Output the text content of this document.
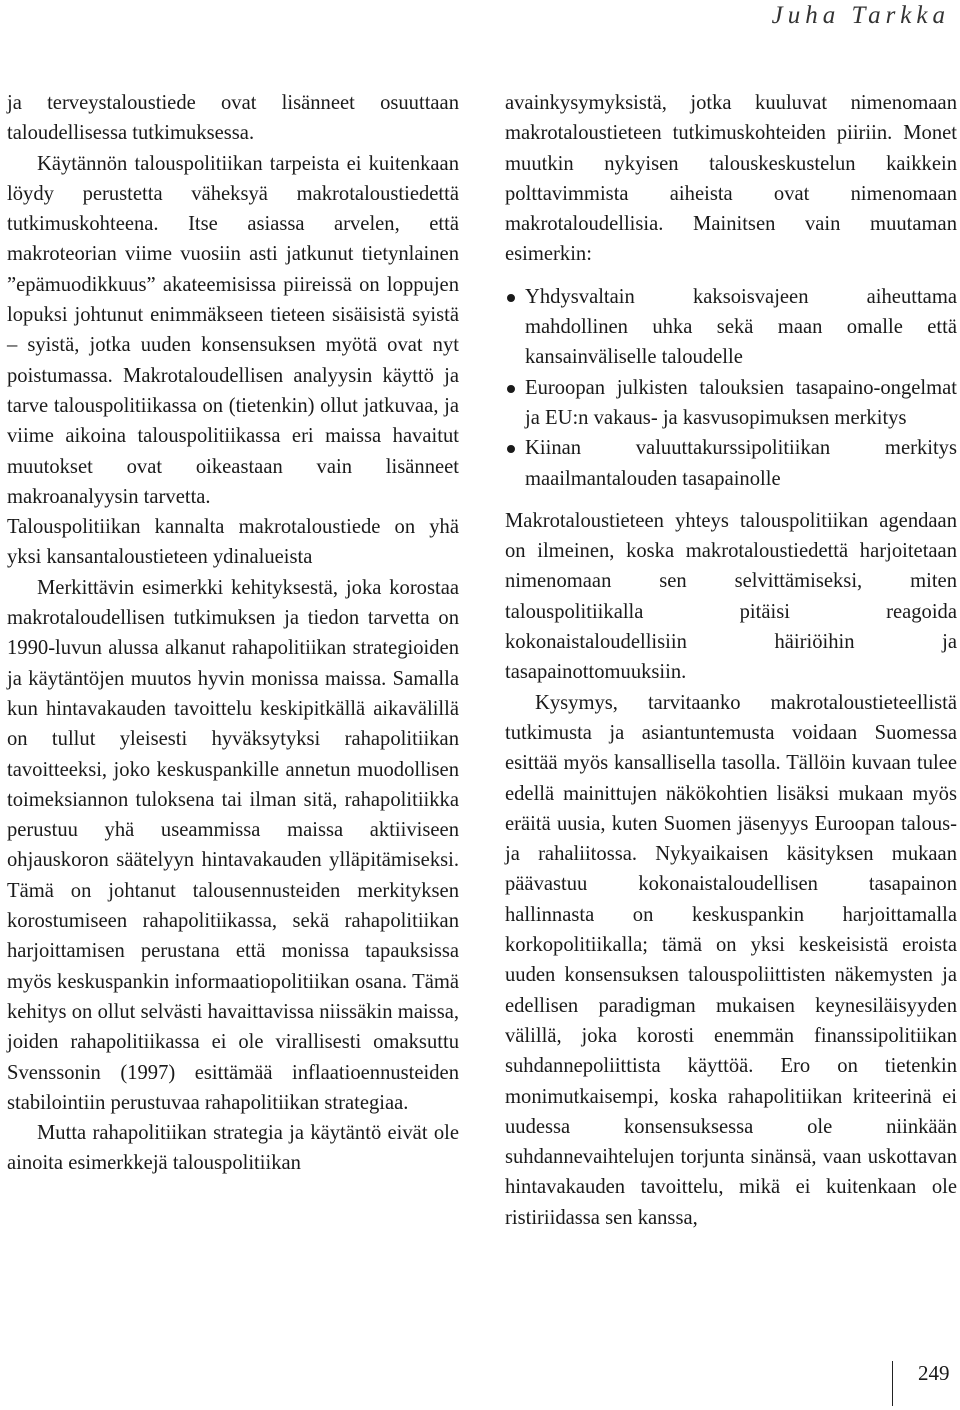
Juha Tarkka

ja terveystaloustiede ovat lisänneet osuuttaan taloudellisessa tutkimuksessa.

Käytännön talouspolitiikan tarpeista ei kuitenkaan löydy perustetta väheksyä makrotaloustiedettä tutkimuskohteena. Itse asiassa arvelen, että makroteorian viime vuosiin asti jatkunut tietynlainen ”epämuodikkuus” akateemisissa piireissä on loppujen lopuksi johtunut enimmäkseen tieteen sisäisistä syistä – syistä, jotka uuden konsensuksen myötä ovat nyt poistumassa. Makrotaloudellisen analyysin käyttö ja tarve talouspolitiikassa on (tietenkin) ollut jatkuvaa, ja viime aikoina talouspolitiikassa eri maissa havaitut muutokset ovat oikeastaan vain lisänneet makroanalyysin tarvetta.

Talouspolitiikan kannalta makrotaloustiede on yhä yksi kansantaloustieteen ydinalueista

Merkittävin esimerkki kehityksestä, joka korostaa makrotaloudellisen tutkimuksen ja tiedon tarvetta on 1990-luvun alussa alkanut rahapolitiikan strategioiden ja käytäntöjen muutos hyvin monissa maissa. Samalla kun hintavakauden tavoittelu keskipitkällä aikavälillä on tullut yleisesti hyväksytyksi rahapolitiikan tavoitteeksi, joko keskuspankille annetun muodollisen toimeksiannon tuloksena tai ilman sitä, rahapolitiikka perustuu yhä useammissa maissa aktiiviseen ohjauskoron säätelyyn hintavakauden ylläpitämiseksi. Tämä on johtanut talousennusteiden merkityksen korostumiseen rahapolitiikassa, sekä rahapolitiikan harjoittamisen perustana että monissa tapauksissa myös keskuspankin informaatiopolitiikan osana. Tämä kehitys on ollut selvästi havaittavissa niissäkin maissa, joiden rahapolitiikassa ei ole virallisesti omaksuttu Svenssonin (1997) esittämää inflaatioennusteiden stabilointiin perustuvaa rahapolitiikan strategiaa.

Mutta rahapolitiikan strategia ja käytäntö eivät ole ainoita esimerkkejä talouspolitiikan

avainkysymyksistä, jotka kuuluvat nimenomaan makrotaloustieteen tutkimuskohteiden piiriin. Monet muutkin nykyisen talouskeskustelun kaikkein polttavimmista aiheista ovat nimenomaan makrotaloudellisia. Mainitsen vain muutaman esimerkin:

Yhdysvaltain kaksoisvajeen aiheuttama mahdollinen uhka sekä maan omalle että kansainväliselle taloudelle
Euroopan julkisten talouksien tasapaino-ongelmat ja EU:n vakaus- ja kasvusopimuksen merkitys
Kiinan valuuttakurssipolitiikan merkitys maailmantalouden tasapainolle

Makrotaloustieteen yhteys talouspolitiikan agendaan on ilmeinen, koska makrotaloustiedettä harjoitetaan nimenomaan sen selvittämiseksi, miten talouspolitiikalla pitäisi reagoida kokonaistaloudellisiin häiriöihin ja tasapainottomuuksiin.

Kysymys, tarvitaanko makrotaloustieteellistä tutkimusta ja asiantuntemusta voidaan Suomessa esittää myös kansallisella tasolla. Tällöin kuvaan tulee edellä mainittujen näkökohtien lisäksi mukaan myös eräitä uusia, kuten Suomen jäsenyys Euroopan talous- ja rahaliitossa. Nykyaikaisen käsityksen mukaan päävastuu kokonaistaloudellisen tasapainon hallinnasta on keskuspankin harjoittamalla korkopolitiikalla; tämä on yksi keskeisistä eroista uuden konsensuksen talouspoliittisten näkemysten ja edellisen paradigman mukaisen keynesiläisyyden välillä, joka korosti enemmän finanssipolitiikan suhdannepoliittista käyttöä. Ero on tietenkin monimutkaisempi, koska rahapolitiikan kriteerinä ei uudessa konsensuksessa ole niinkään suhdannevaihtelujen torjunta sinänsä, vaan uskottavan hintavakauden tavoittelu, mikä ei kuitenkaan ole ristiriidassa sen kanssa,

249
